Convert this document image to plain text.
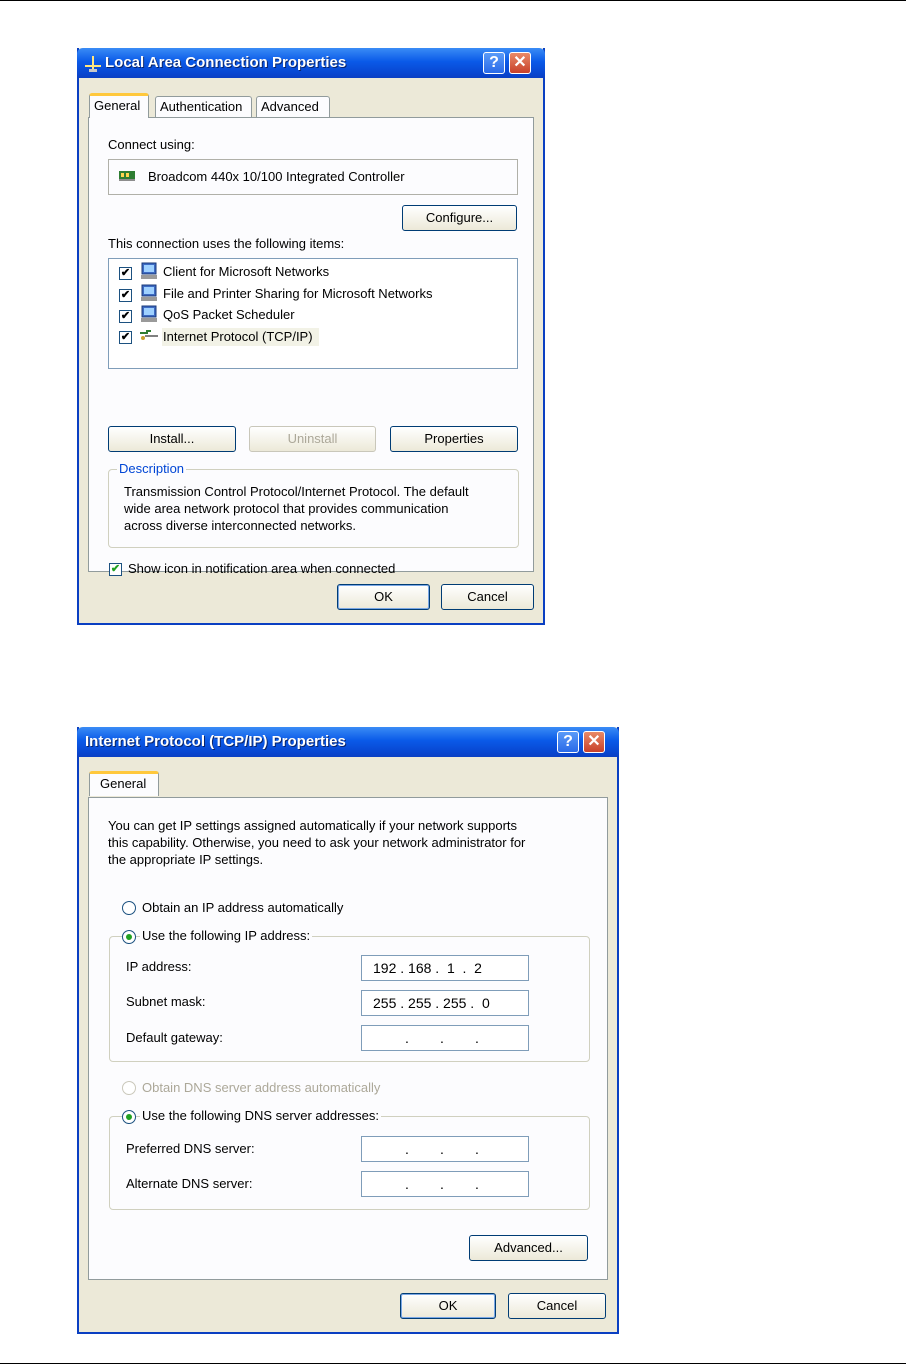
Local Area Connection Properties	? ✕
General	Authentication	Advanced
Connect using:
Broadcom 440x 10/100 Integrated Controller
Configure...
This connection uses the following items:
✔	Client for Microsoft Networks
✔	File and Printer Sharing for Microsoft Networks
✔	QoS Packet Scheduler
✔	Internet Protocol (TCP/IP)
Install...	Uninstall	Properties
Description
Transmission Control Protocol/Internet Protocol. The default
wide area network protocol that provides communication
across diverse interconnected networks.
✔ Show icon in notification area when connected
OK	Cancel
Internet Protocol (TCP/IP) Properties	? ✕
General
You can get IP settings assigned automatically if your network supports
this capability. Otherwise, you need to ask your network administrator for
the appropriate IP settings.
Obtain an IP address automatically
Use the following IP address:
IP address:	192 . 168 .  1  .  2
Subnet mask:	255 . 255 . 255 .  0
Default gateway:	.        .        .
Obtain DNS server address automatically
Use the following DNS server addresses:
Preferred DNS server:	.        .        .
Alternate DNS server:	.        .        .
Advanced...
OK	Cancel
